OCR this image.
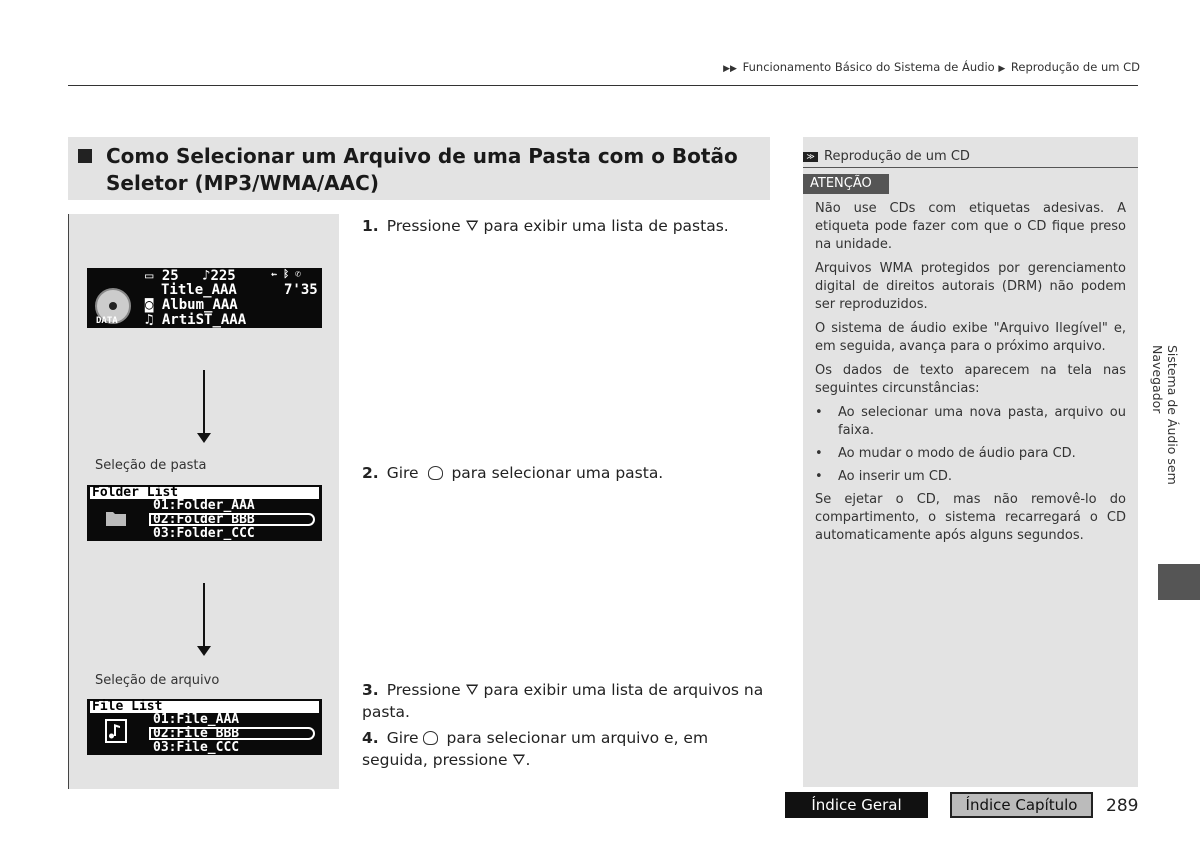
▶▶ Funcionamento Básico do Sistema de Áudio ▶ Reprodução de um CD
Como Selecionar um Arquivo de uma Pasta com o Botão
Seletor (MP3/WMA/AAC)
DATA
▭ 25 ♪225	⇜ ᛒ ✆
Title_AAA	7'35
◙ Album_AAA
♫ ArtiST_AAA
Seleção de pasta
Folder List
01:Folder_AAA
02:Folder_BBB
03:Folder_CCC
Seleção de arquivo
File List
01:File_AAA
02:File_BBB
03:File_CCC
1. Pressione ⛛ para exibir uma lista de pastas.
2. Gire para selecionar uma pasta.
3. Pressione ⛛ para exibir uma lista de arquivos na pasta.
4. Gire para selecionar um arquivo e, em seguida, pressione ⛛.
≫ Reprodução de um CD
ATENÇÃO

Não use CDs com etiquetas adesivas. A etiqueta pode fazer com que o CD fique preso na unidade.

Arquivos WMA protegidos por gerenciamento digital de direitos autorais (DRM) não podem ser reproduzidos.

O sistema de áudio exibe "Arquivo Ilegível" e, em seguida, avança para o próximo arquivo.

Os dados de texto aparecem na tela nas seguintes circunstâncias:

•	Ao selecionar uma nova pasta, arquivo ou faixa.
•	Ao mudar o modo de áudio para CD.
•	Ao inserir um CD.

Se ejetar o CD, mas não removê-lo do compartimento, o sistema recarregará o CD automaticamente após alguns segundos.

Sistema de Áudio sem Navegador
Índice Geral	Índice Capítulo	289
